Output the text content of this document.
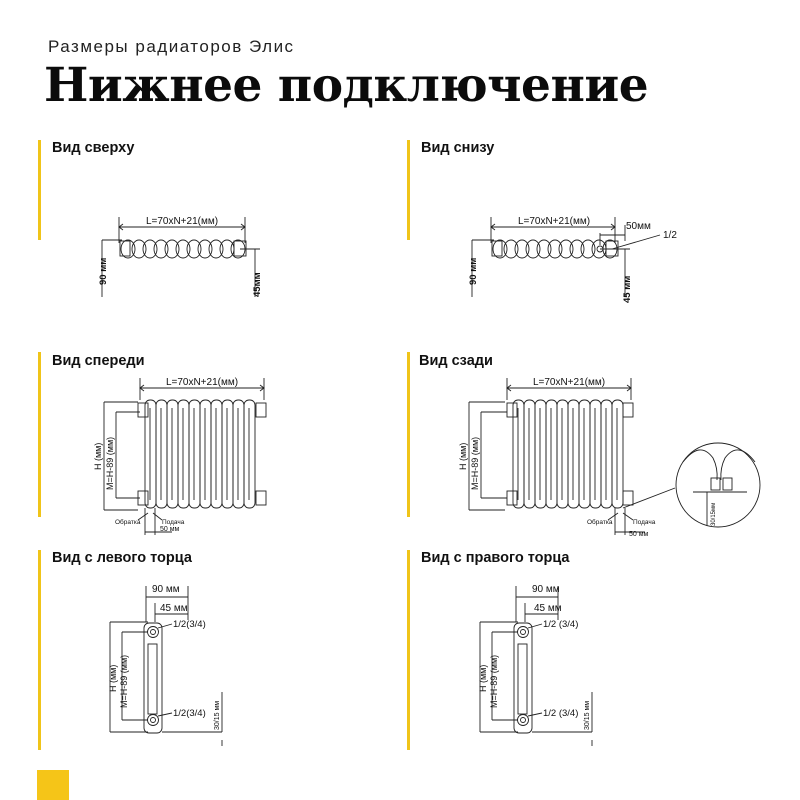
Размеры радиаторов Элис
Нижнее подключение
Вид сверху	Вид снизу
Вид спереди	Вид сзади
Вид с левого торца	Вид с правого торца
L=70xN+21(мм)
90 мм	45мм
L=70xN+21(мм)	50мм
1/2
90 мм
45 мм
L=70xN+21(мм)
H (мм) M=H-89 (мм)
Обратка	Подача
50 мм
L=70xN+21(мм)
H (мм) M=H-89 (мм)
Обратка	Подача
50 мм
30/15мм
90 мм
45 мм
1/2(3/4)
1/2(3/4)
H (мм) M=H-89 (мм)
30/15 мм
90 мм
45 мм
1/2 (3/4)
1/2 (3/4)
H (мм) M=H-89 (мм)
30/15 мм
